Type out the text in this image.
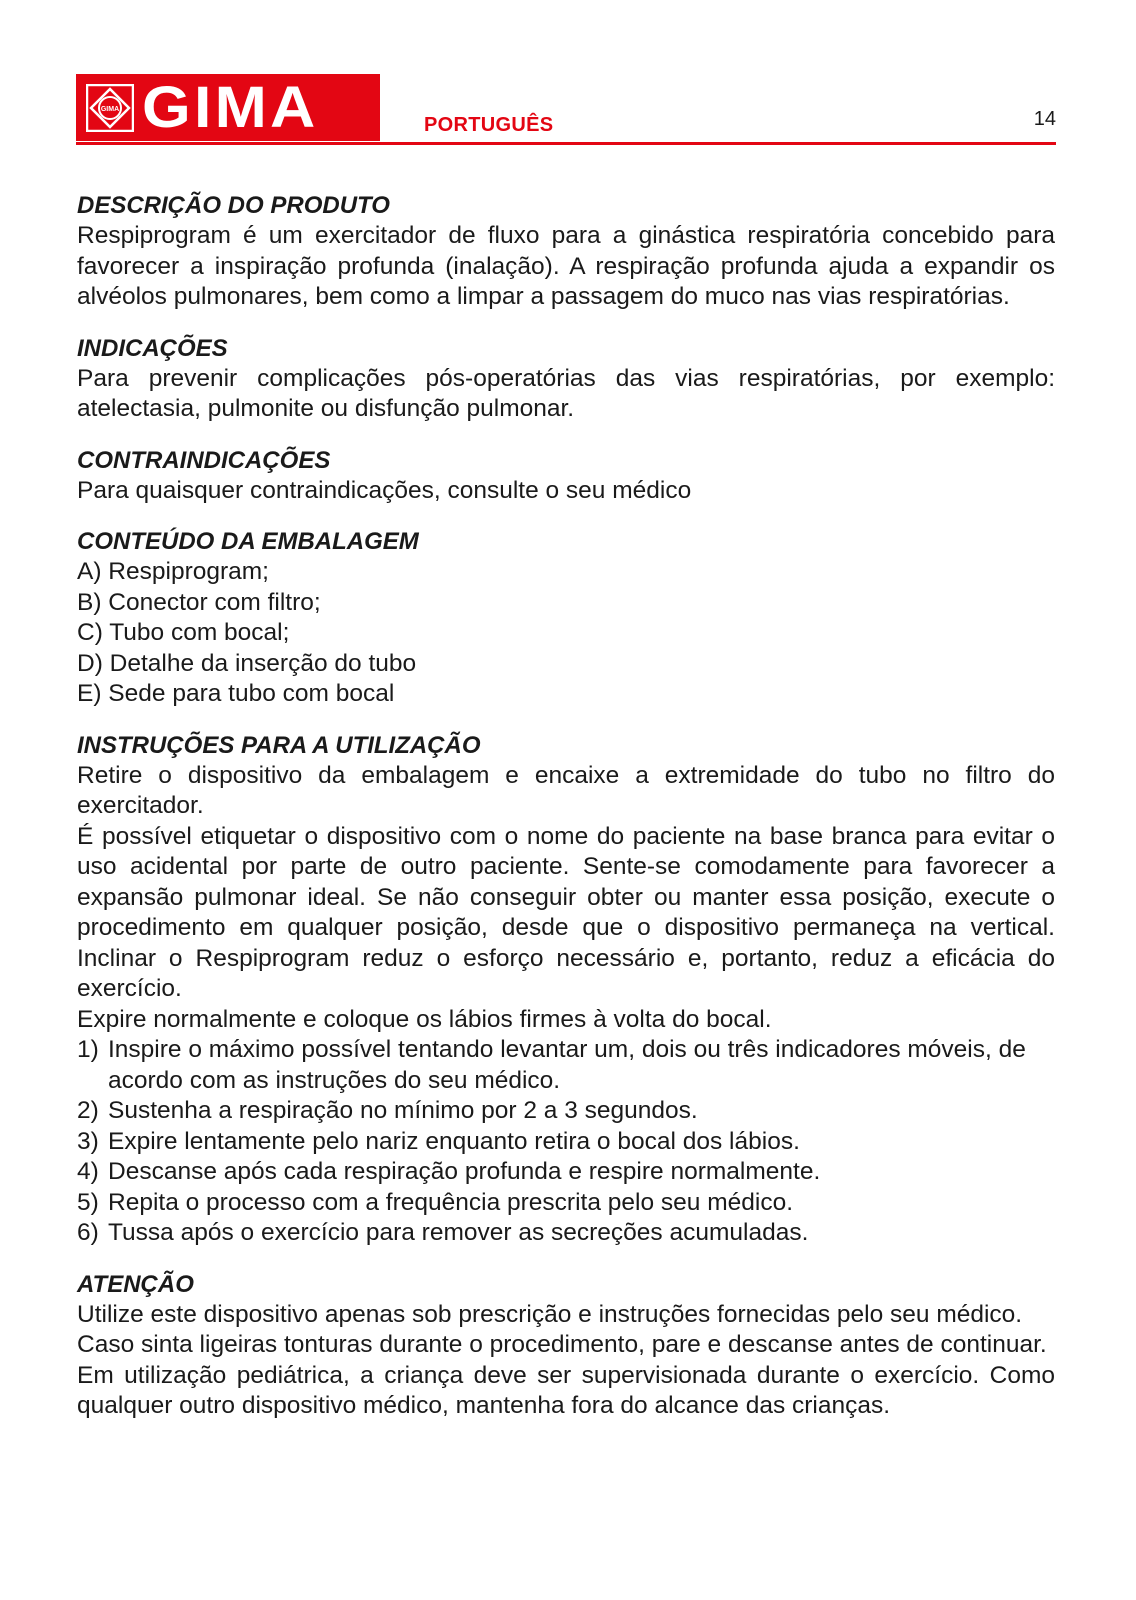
GIMA GIMA	PORTUGUÊS	14
DESCRIÇÃO DO PRODUTO

Respiprogram é um exercitador de fluxo para a ginástica respiratória concebido para favorecer a inspiração profunda (inalação). A respiração profunda ajuda a expandir os alvéolos pulmonares, bem como a limpar a passagem do muco nas vias respiratórias.

INDICAÇÕES

Para prevenir complicações pós-operatórias das vias respiratórias, por exemplo: atelectasia, pulmonite ou disfunção pulmonar.

CONTRAINDICAÇÕES

Para quaisquer contraindicações, consulte o seu médico

CONTEÚDO DA EMBALAGEM
A) Respiprogram;
B) Conector com filtro;
C) Tubo com bocal;
D) Detalhe da inserção do tubo
E) Sede para tubo com bocal
INSTRUÇÕES PARA A UTILIZAÇÃO

Retire o dispositivo da embalagem e encaixe a extremidade do tubo no filtro do exercitador.

É possível etiquetar o dispositivo com o nome do paciente na base branca para evitar o uso acidental por parte de outro paciente. Sente-se comodamente para favorecer a expansão pulmonar ideal. Se não conseguir obter ou manter essa posição, execute o procedimento em qualquer posição, desde que o dispositivo permaneça na vertical. Inclinar o Respiprogram reduz o esforço necessário e, portanto, reduz a eficácia do exercício.

Expire normalmente e coloque os lábios firmes à volta do bocal.

1) Inspire o máximo possível tentando levantar um, dois ou três indicadores móveis, de acordo com as instruções do seu médico.
2) Sustenha a respiração no mínimo por 2 a 3 segundos.
3) Expire lentamente pelo nariz enquanto retira o bocal dos lábios.
4) Descanse após cada respiração profunda e respire normalmente.
5) Repita o processo com a frequência prescrita pelo seu médico.
6) Tussa após o exercício para remover as secreções acumuladas.
ATENÇÃO

Utilize este dispositivo apenas sob prescrição e instruções fornecidas pelo seu médico.

Caso sinta ligeiras tonturas durante o procedimento, pare e descanse antes de continuar.

Em utilização pediátrica, a criança deve ser supervisionada durante o exercício. Como qualquer outro dispositivo médico, mantenha fora do alcance das crianças.
